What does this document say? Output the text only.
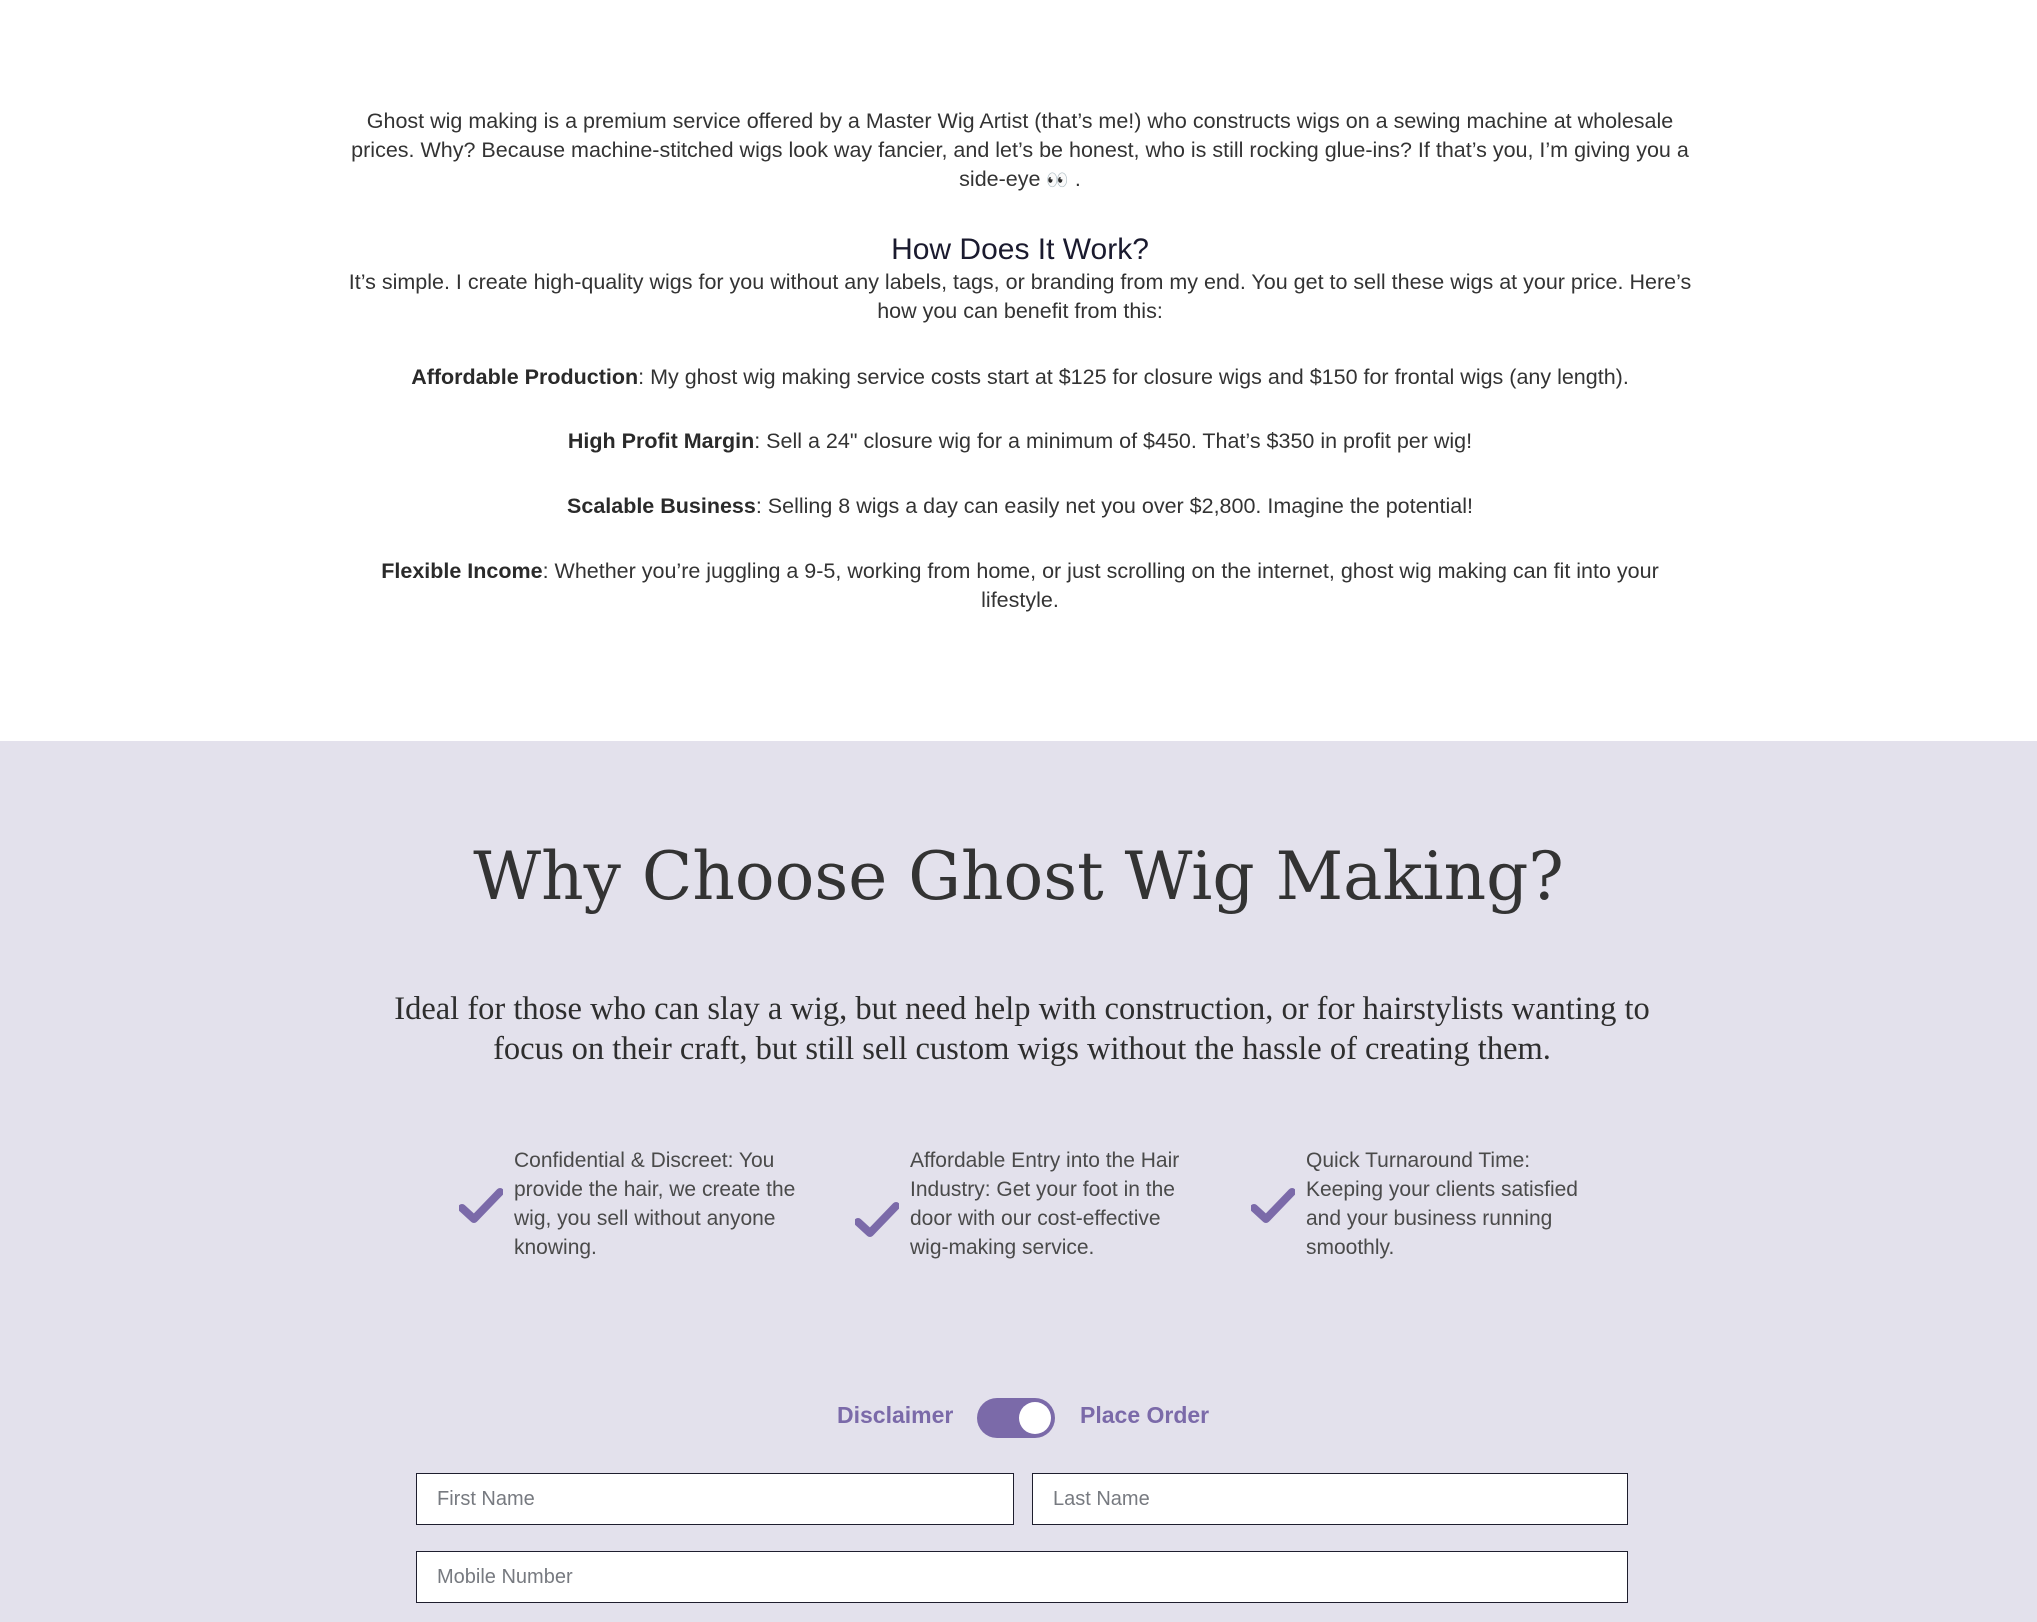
Ghost wig making is a premium service offered by a Master Wig Artist (that’s me!) who constructs wigs on a sewing machine at wholesale prices. Why? Because machine-stitched wigs look way fancier, and let’s be honest, who is still rocking glue-ins? If that’s you, I’m giving you a side-eye 👀 .

How Does It Work?

It’s simple. I create high-quality wigs for you without any labels, tags, or branding from my end. You get to sell these wigs at your price. Here’s how you can benefit from this:

Affordable Production: My ghost wig making service costs start at $125 for closure wigs and $150 for frontal wigs (any length).

High Profit Margin: Sell a 24" closure wig for a minimum of $450. That’s $350 in profit per wig!

Scalable Business: Selling 8 wigs a day can easily net you over $2,800. Imagine the potential!

Flexible Income: Whether you’re juggling a 9-5, working from home, or just scrolling on the internet, ghost wig making can fit into your lifestyle.

Why Choose Ghost Wig Making?

Ideal for those who can slay a wig, but need help with construction, or for hairstylists wanting to focus on their craft, but still sell custom wigs without the hassle of creating them.

Confidential & Discreet: You provide the hair, we create the wig, you sell without anyone knowing.

Affordable Entry into the Hair Industry: Get your foot in the door with our cost-effective wig-making service.

Quick Turnaround Time: Keeping your clients satisfied and your business running smoothly.

Disclaimer	Place Order
First Name
Last Name
Mobile Number
